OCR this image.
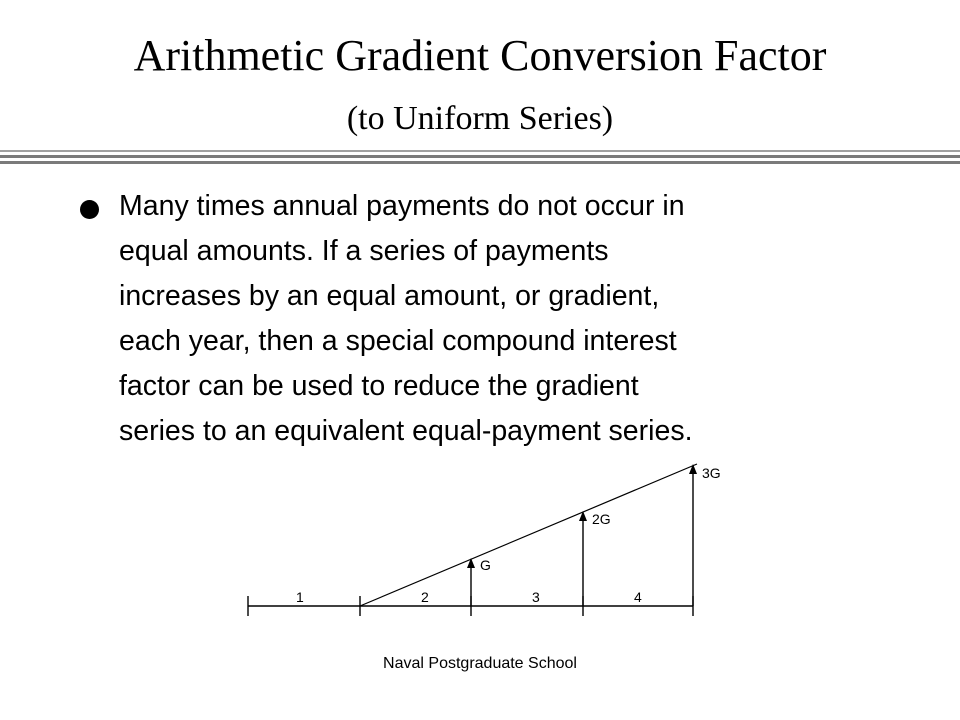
Arithmetic Gradient Conversion Factor
(to Uniform Series)
Many times annual payments do not occur in
equal amounts. If a series of payments
increases by an equal amount, or gradient,
each year, then a special compound interest
factor can be used to reduce the gradient
series to an equivalent equal-payment series.
1	2	3	4
G
2G
3G
Naval Postgraduate School
